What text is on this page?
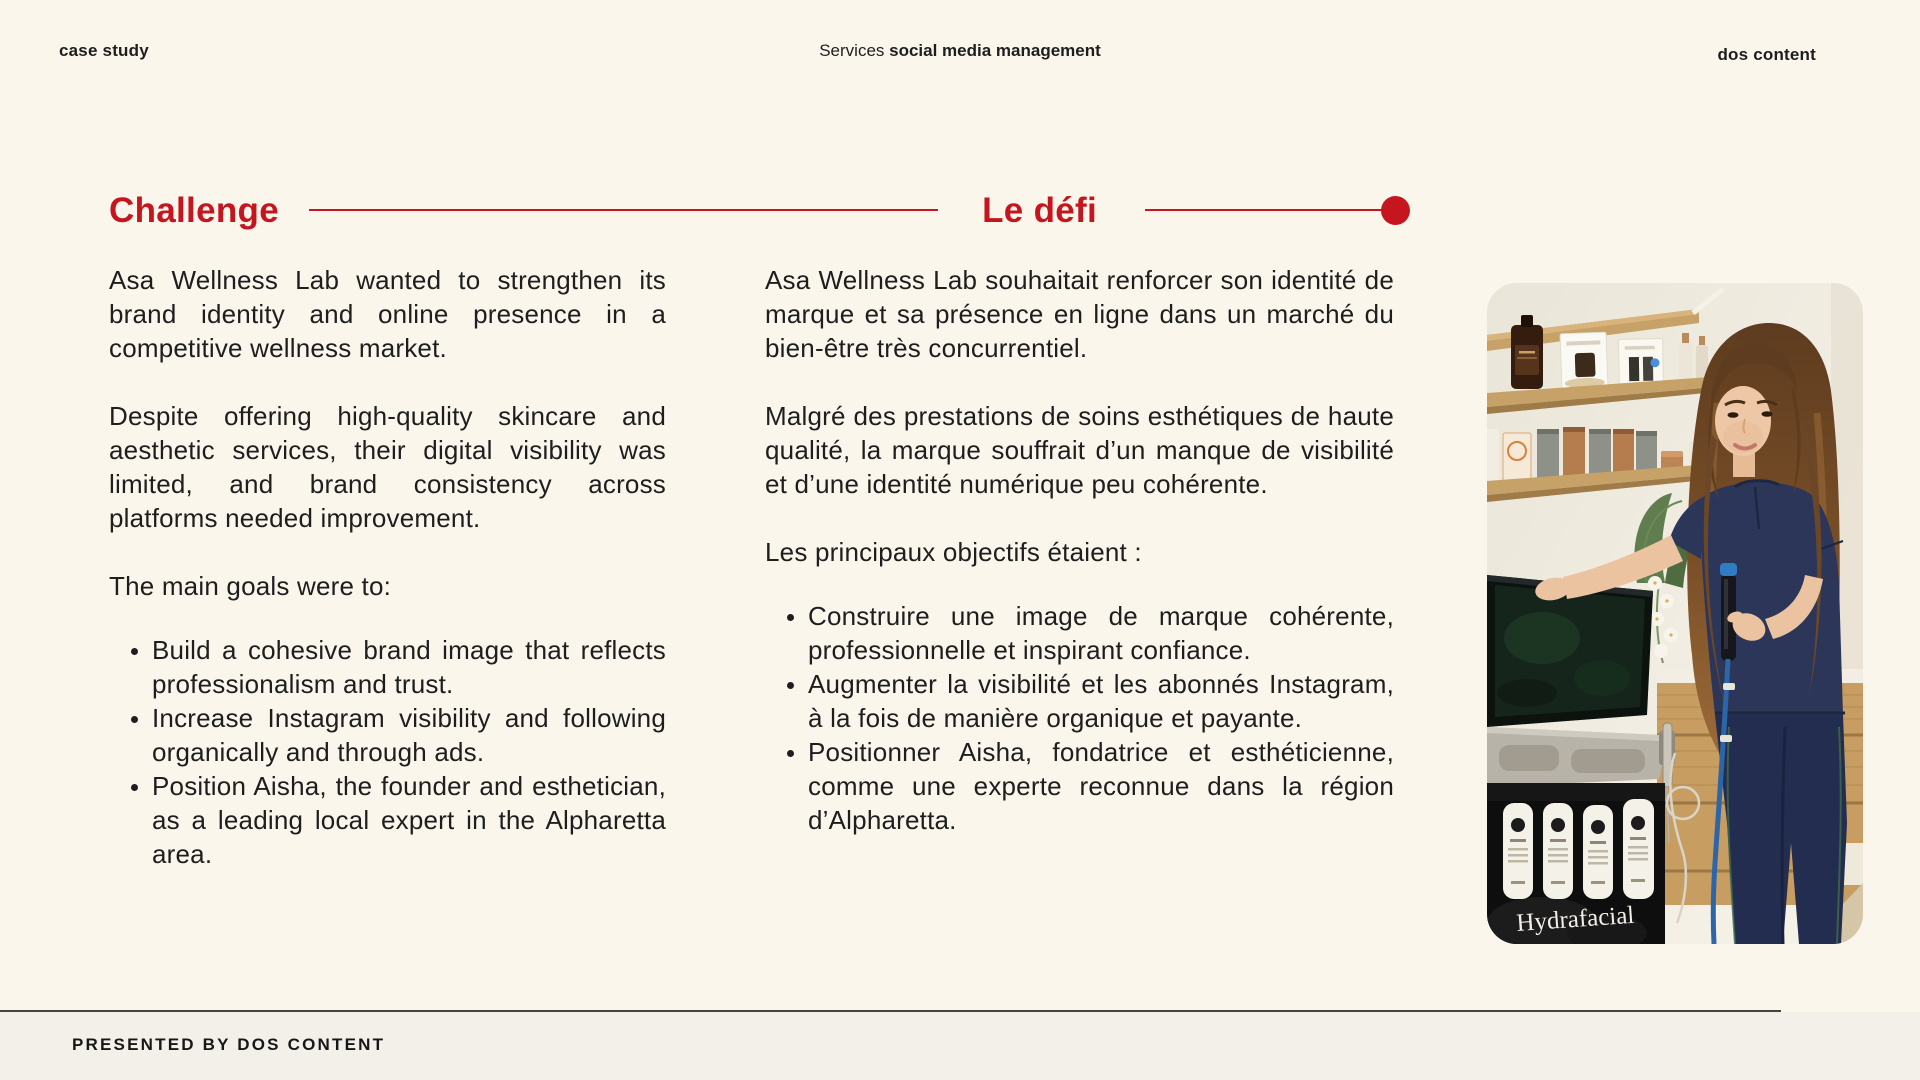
case study	Services social media management	dos content
Challenge	Le défi

Asa Wellness Lab wanted to strengthen its brand identity and online presence in a competitive wellness market.

Despite offering high-quality skincare and aesthetic services, their digital visibility was limited, and brand consistency across platforms needed improvement.

The main goals were to:

• Build a cohesive brand image that reflects professionalism and trust.
• Increase Instagram visibility and following organically and through ads.
• Position Aisha, the founder and esthetician, as a leading local expert in the Alpharetta area.

Asa Wellness Lab souhaitait renforcer son identité de marque et sa présence en ligne dans un marché du bien-être très concurrentiel.

Malgré des prestations de soins esthétiques de haute qualité, la marque souffrait d’un manque de visibilité et d’une identité numérique peu cohérente.

Les principaux objectifs étaient :

• Construire une image de marque cohérente, professionnelle et inspirant confiance.
• Augmenter la visibilité et les abonnés Instagram, à la fois de manière organique et payante.
• Positionner Aisha, fondatrice et esthéticienne, comme une experte reconnue dans la région d’Alpharetta.
Hydrafacial
PRESENTED BY DOS CONTENT
